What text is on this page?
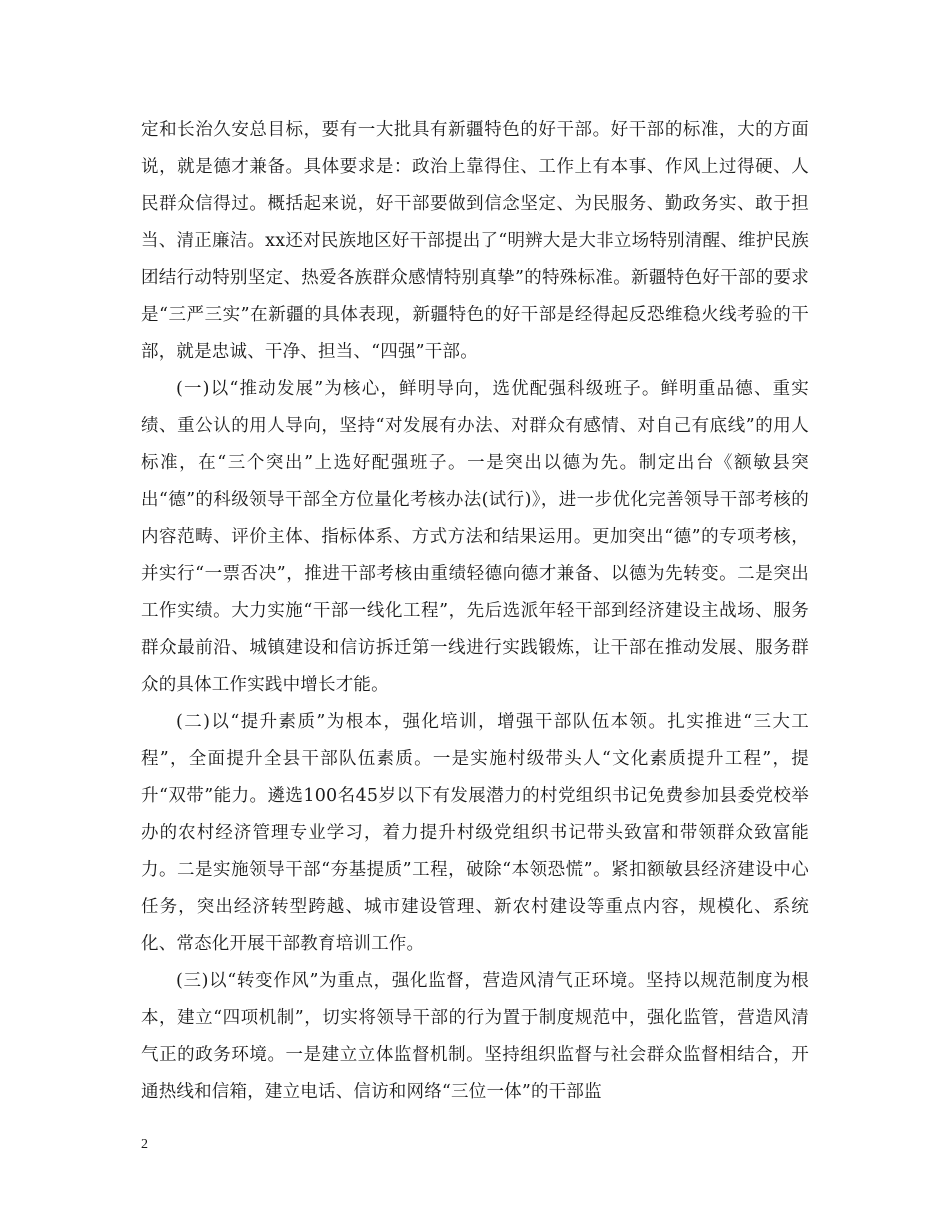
定和长治久安总目标，要有一大批具有新疆特色的好干部。好干部的标准，大的方面说，就是德才兼备。具体要求是：政治上靠得住、工作上有本事、作风上过得硬、人民群众信得过。概括起来说，好干部要做到信念坚定、为民服务、勤政务实、敢于担当、清正廉洁。xx还对民族地区好干部提出了“明辨大是大非立场特别清醒、维护民族团结行动特别坚定、热爱各族群众感情特别真挚”的特殊标准。新疆特色好干部的要求是“三严三实”在新疆的具体表现，新疆特色的好干部是经得起反恐维稳火线考验的干部，就是忠诚、干净、担当、“四强”干部。

(一)以“推动发展”为核心，鲜明导向，选优配强科级班子。鲜明重品德、重实绩、重公认的用人导向，坚持“对发展有办法、对群众有感情、对自己有底线”的用人标准，在“三个突出”上选好配强班子。一是突出以德为先。制定出台《额敏县突出“德”的科级领导干部全方位量化考核办法(试行)》，进一步优化完善领导干部考核的内容范畴、评价主体、指标体系、方式方法和结果运用。更加突出“德”的专项考核，并实行“一票否决”，推进干部考核由重绩轻德向德才兼备、以德为先转变。二是突出工作实绩。大力实施“干部一线化工程”，先后选派年轻干部到经济建设主战场、服务群众最前沿、城镇建设和信访拆迁第一线进行实践锻炼，让干部在推动发展、服务群众的具体工作实践中增长才能。

(二)以“提升素质”为根本，强化培训，增强干部队伍本领。扎实推进“三大工程”，全面提升全县干部队伍素质。一是实施村级带头人“文化素质提升工程”，提升“双带”能力。遴选100名45岁以下有发展潜力的村党组织书记免费参加县委党校举办的农村经济管理专业学习，着力提升村级党组织书记带头致富和带领群众致富能力。二是实施领导干部“夯基提质”工程，破除“本领恐慌”。紧扣额敏县经济建设中心任务，突出经济转型跨越、城市建设管理、新农村建设等重点内容，规模化、系统化、常态化开展干部教育培训工作。

(三)以“转变作风”为重点，强化监督，营造风清气正环境。坚持以规范制度为根本，建立“四项机制”，切实将领导干部的行为置于制度规范中，强化监管，营造风清气正的政务环境。一是建立立体监督机制。坚持组织监督与社会群众监督相结合，开通热线和信箱，建立电话、信访和网络“三位一体”的干部监

2
